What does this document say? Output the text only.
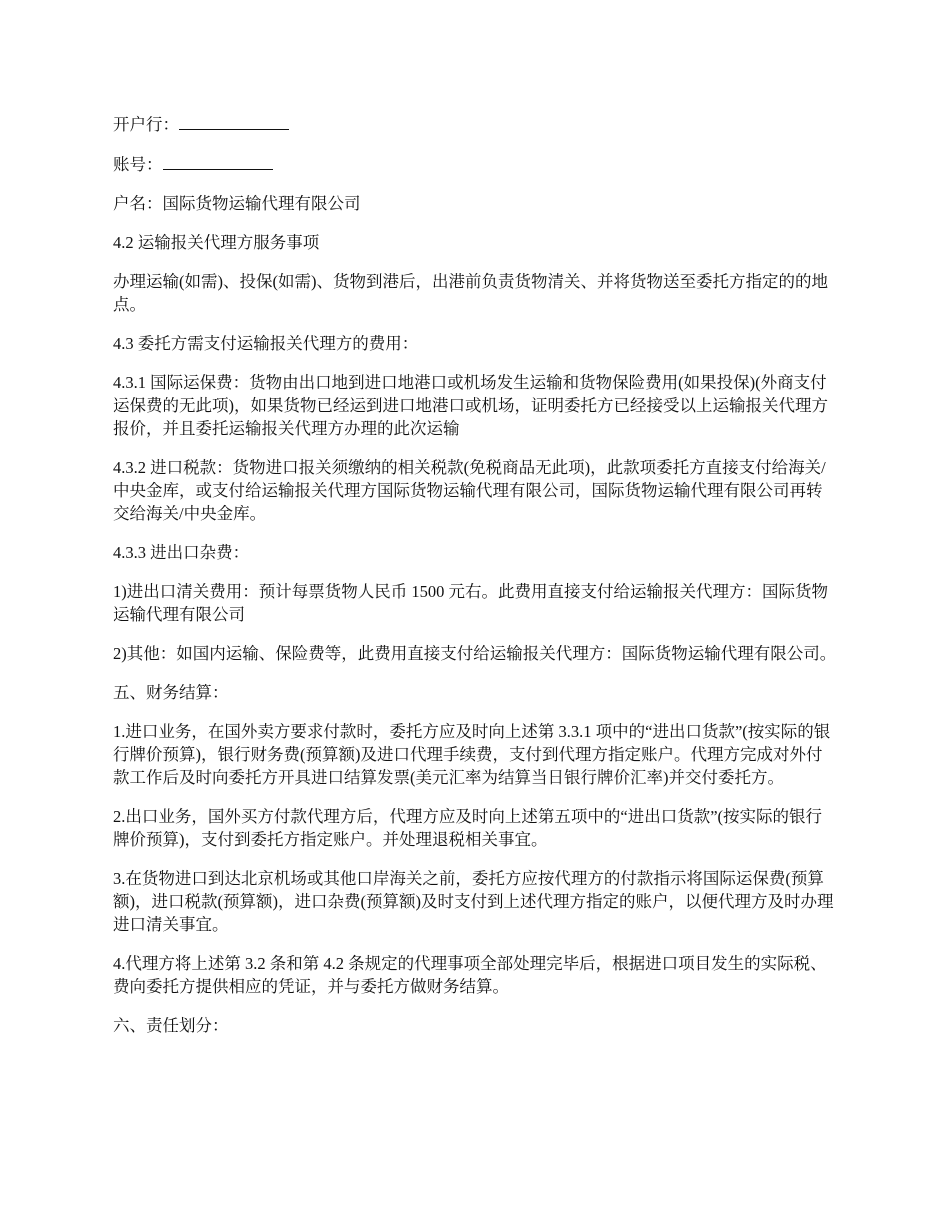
开户行：

账号：

户名：国际货物运输代理有限公司

4.2 运输报关代理方服务事项

办理运输(如需)、投保(如需)、货物到港后，出港前负责货物清关、并将货物送至委托方指定的的地点。

4.3 委托方需支付运输报关代理方的费用：

4.3.1 国际运保费：货物由出口地到进口地港口或机场发生运输和货物保险费用(如果投保)(外商支付运保费的无此项)，如果货物已经运到进口地港口或机场，证明委托方已经接受以上运输报关代理方报价，并且委托运输报关代理方办理的此次运输

4.3.2 进口税款：货物进口报关须缴纳的相关税款(免税商品无此项)，此款项委托方直接支付给海关/中央金库，或支付给运输报关代理方国际货物运输代理有限公司，国际货物运输代理有限公司再转交给海关/中央金库。

4.3.3 进出口杂费：

1)进出口清关费用：预计每票货物人民币 1500 元右。此费用直接支付给运输报关代理方：国际货物运输代理有限公司

2)其他：如国内运输、保险费等，此费用直接支付给运输报关代理方：国际货物运输代理有限公司。

五、财务结算：

1.进口业务，在国外卖方要求付款时，委托方应及时向上述第 3.3.1 项中的“进出口货款”(按实际的银行牌价预算)，银行财务费(预算额)及进口代理手续费，支付到代理方指定账户。代理方完成对外付款工作后及时向委托方开具进口结算发票(美元汇率为结算当日银行牌价汇率)并交付委托方。

2.出口业务，国外买方付款代理方后，代理方应及时向上述第五项中的“进出口货款”(按实际的银行牌价预算)，支付到委托方指定账户。并处理退税相关事宜。

3.在货物进口到达北京机场或其他口岸海关之前，委托方应按代理方的付款指示将国际运保费(预算额)，进口税款(预算额)，进口杂费(预算额)及时支付到上述代理方指定的账户，以便代理方及时办理进口清关事宜。

4.代理方将上述第 3.2 条和第 4.2 条规定的代理事项全部处理完毕后，根据进口项目发生的实际税、费向委托方提供相应的凭证，并与委托方做财务结算。

六、责任划分：
